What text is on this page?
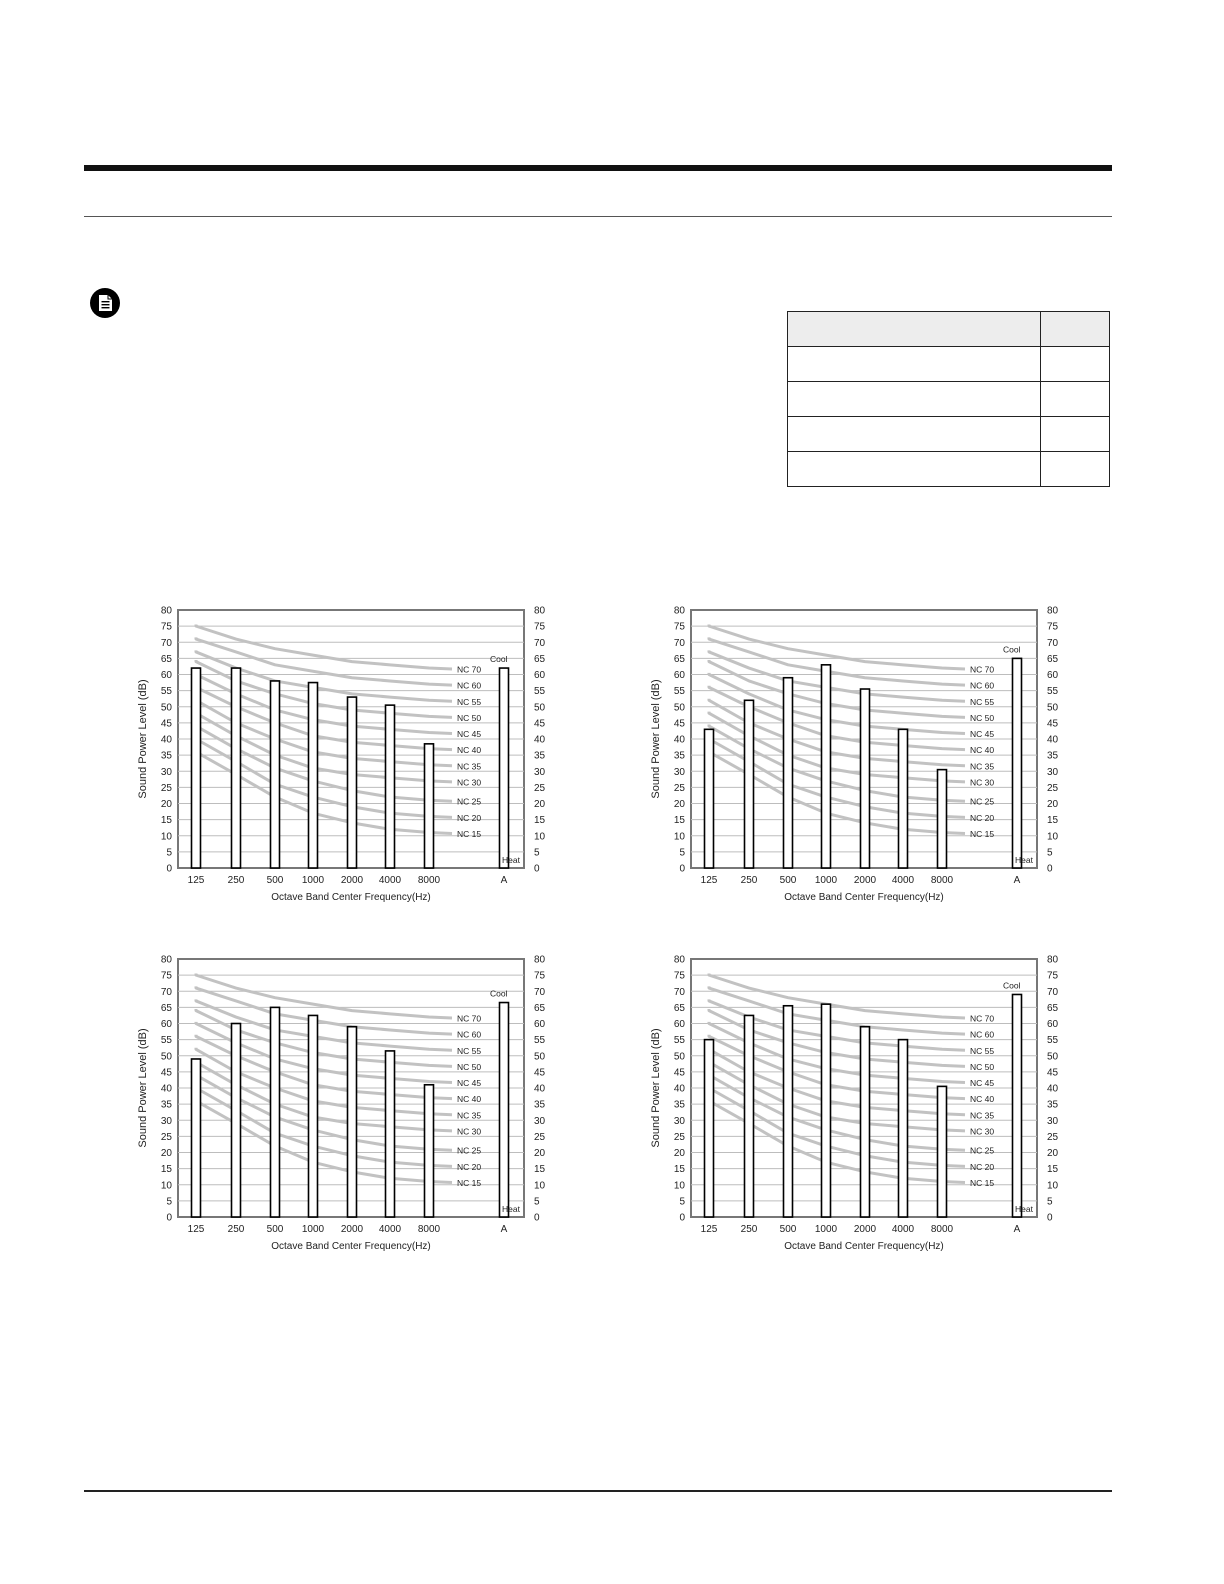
0	0
5	5
10	10
15	15
20	20
25	25
30	30
35	35
40	40
45	45
50	50
55	55
60	60
65	65
70	70
75	75
80	80
NC 70
NC 60
NC 55
NC 50
NC 45
NC 40
NC 35
NC 30
NC 25
NC 20
NC 15
Cool
Heat
125 250 500 1000 2000 4000 8000	A
Octave Band Center Frequency(Hz)
Sound Power Level (dB)
0	0
5	5
10	10
15	15
20	20
25	25
30	30
35	35
40	40
45	45
50	50
55	55
60	60
65	65
70	70
75	75
80	80
NC 70
NC 60
NC 55
NC 50
NC 45
NC 40
NC 35
NC 30
NC 25
NC 20
NC 15
Cool
Heat
125 250 500 1000 2000 4000 8000	A
Octave Band Center Frequency(Hz)
Sound Power Level (dB)
0	0
5	5
10	10
15	15
20	20
25	25
30	30
35	35
40	40
45	45
50	50
55	55
60	60
65	65
70	70
75	75
80	80
NC 70
NC 60
NC 55
NC 50
NC 45
NC 40
NC 35
NC 30
NC 25
NC 20
NC 15
Cool
Heat
125 250 500 1000 2000 4000 8000	A
Octave Band Center Frequency(Hz)
Sound Power Level (dB)
0	0
5	5
10	10
15	15
20	20
25	25
30	30
35	35
40	40
45	45
50	50
55	55
60	60
65	65
70	70
75	75
80	80
NC 70
NC 60
NC 55
NC 50
NC 45
NC 40
NC 35
NC 30
NC 25
NC 20
NC 15
Cool
Heat
125 250 500 1000 2000 4000 8000	A
Octave Band Center Frequency(Hz)
Sound Power Level (dB)
